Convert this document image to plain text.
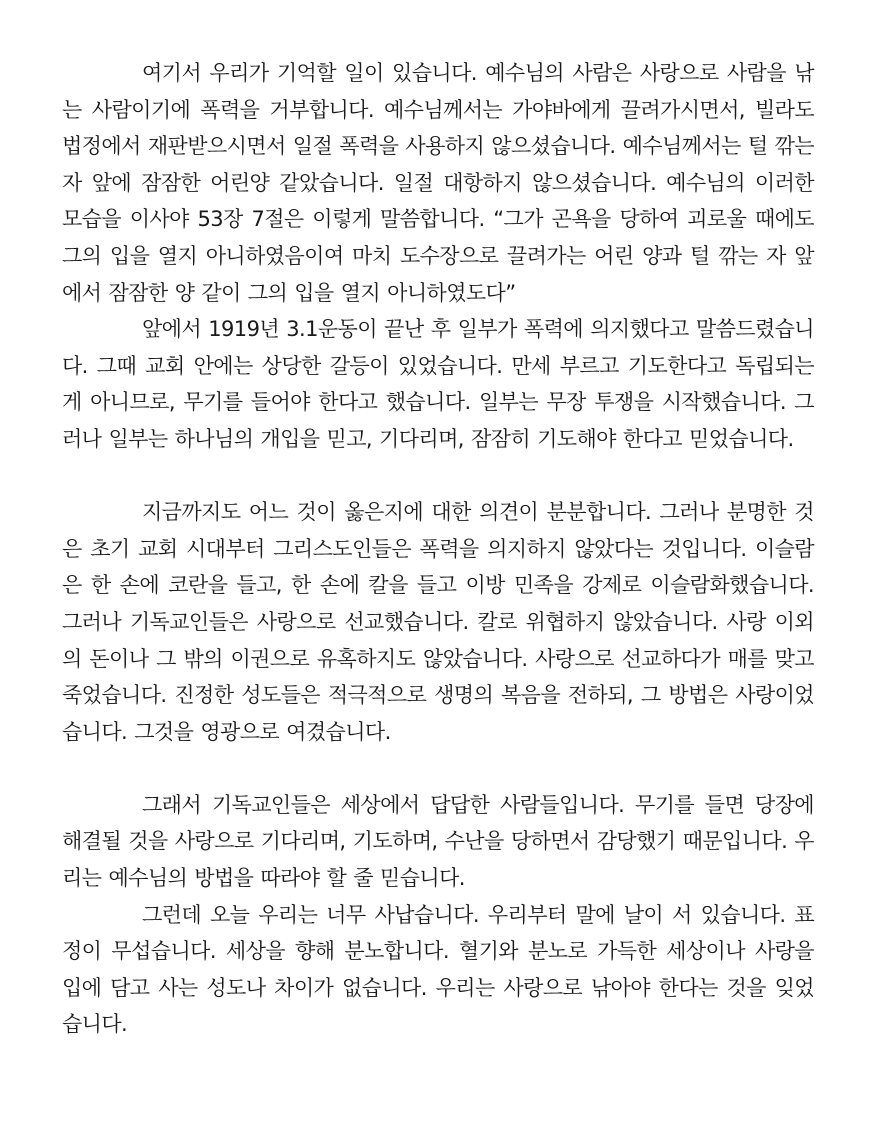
여기서 우리가 기억할 일이 있습니다. 예수님의 사람은 사랑으로 사람을 낚는 사람이기에 폭력을 거부합니다. 예수님께서는 가야바에게 끌려가시면서, 빌라도 법정에서 재판받으시면서 일절 폭력을 사용하지 않으셨습니다. 예수님께서는 털 깎는 자 앞에 잠잠한 어린양 같았습니다. 일절 대항하지 않으셨습니다. 예수님의 이러한 모습을 이사야 53장 7절은 이렇게 말씀합니다. “그가 곤욕을 당하여 괴로울 때에도 그의 입을 열지 아니하였음이여 마치 도수장으로 끌려가는 어린 양과 털 깎는 자 앞에서 잠잠한 양 같이 그의 입을 열지 아니하였도다”

앞에서 1919년 3.1운동이 끝난 후 일부가 폭력에 의지했다고 말씀드렸습니다. 그때 교회 안에는 상당한 갈등이 있었습니다. 만세 부르고 기도한다고 독립되는 게 아니므로, 무기를 들어야 한다고 했습니다. 일부는 무장 투쟁을 시작했습니다. 그러나 일부는 하나님의 개입을 믿고, 기다리며, 잠잠히 기도해야 한다고 믿었습니다.

지금까지도 어느 것이 옳은지에 대한 의견이 분분합니다. 그러나 분명한 것은 초기 교회 시대부터 그리스도인들은 폭력을 의지하지 않았다는 것입니다. 이슬람은 한 손에 코란을 들고, 한 손에 칼을 들고 이방 민족을 강제로 이슬람화했습니다. 그러나 기독교인들은 사랑으로 선교했습니다. 칼로 위협하지 않았습니다. 사랑 이외의 돈이나 그 밖의 이권으로 유혹하지도 않았습니다. 사랑으로 선교하다가 매를 맞고 죽었습니다. 진정한 성도들은 적극적으로 생명의 복음을 전하되, 그 방법은 사랑이었습니다. 그것을 영광으로 여겼습니다.

그래서 기독교인들은 세상에서 답답한 사람들입니다. 무기를 들면 당장에 해결될 것을 사랑으로 기다리며, 기도하며, 수난을 당하면서 감당했기 때문입니다. 우리는 예수님의 방법을 따라야 할 줄 믿습니다.

그런데 오늘 우리는 너무 사납습니다. 우리부터 말에 날이 서 있습니다. 표정이 무섭습니다. 세상을 향해 분노합니다. 혈기와 분노로 가득한 세상이나 사랑을 입에 담고 사는 성도나 차이가 없습니다. 우리는 사랑으로 낚아야 한다는 것을 잊었습니다.
